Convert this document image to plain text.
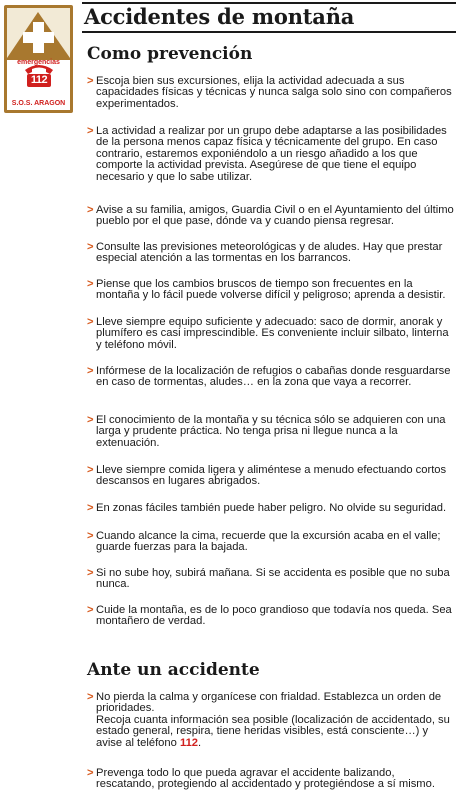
emergencias
112
S.O.S. ARAGON
Accidentes de montaña
Como prevención
> Escoja bien sus excursiones, elija la actividad adecuada a sus capacidades físicas y técnicas y nunca salga solo sino con compañeros experimentados.

> La actividad a realizar por un grupo debe adaptarse a las posibilidades de la persona menos capaz física y técnicamente del grupo. En caso contrario, estaremos exponiéndolo a un riesgo añadido a los que comporte la actividad prevista. Asegúrese de que tiene el equipo necesario y que lo sabe utilizar.

> Avise a su familia, amigos, Guardia Civil o en el Ayuntamiento del último pueblo por el que pase, dónde va y cuando piensa regresar.

> Consulte las previsiones meteorológicas y de aludes. Hay que prestar especial atención a las tormentas en los barrancos.

> Piense que los cambios bruscos de tiempo son frecuentes en la montaña y lo fácil puede volverse difícil y peligroso; aprenda a desistir.

> Lleve siempre equipo suficiente y adecuado: saco de dormir, anorak y plumífero es casi imprescindible. Es conveniente incluir silbato, linterna y teléfono móvil.

> Infórmese de la localización de refugios o cabañas donde resguardarse en caso de tormentas, aludes… en la zona que vaya a recorrer.

> El conocimiento de la montaña y su técnica sólo se adquieren con una larga y prudente práctica. No tenga prisa ni llegue nunca a la extenuación.

> Lleve siempre comida ligera y aliméntese a menudo efectuando cortos descansos en lugares abrigados.

> En zonas fáciles también puede haber peligro. No olvide su seguridad.

> Cuando alcance la cima, recuerde que la excursión acaba en el valle; guarde fuerzas para la bajada.

> Si no sube hoy, subirá mañana. Si se accidenta es posible que no suba nunca.

> Cuide la montaña, es de lo poco grandioso que todavía nos queda. Sea montañero de verdad.

Ante un accidente
> No pierda la calma y organícese con frialdad. Establezca un orden de prioridades.

Recoja cuanta información sea posible (localización de accidentado, su estado general, respira, tiene heridas visibles, está consciente…) y avise al teléfono 112.

> Prevenga todo lo que pueda agravar el accidente balizando, rescatando, protegiendo al accidentado y protegiéndose a sí mismo.
